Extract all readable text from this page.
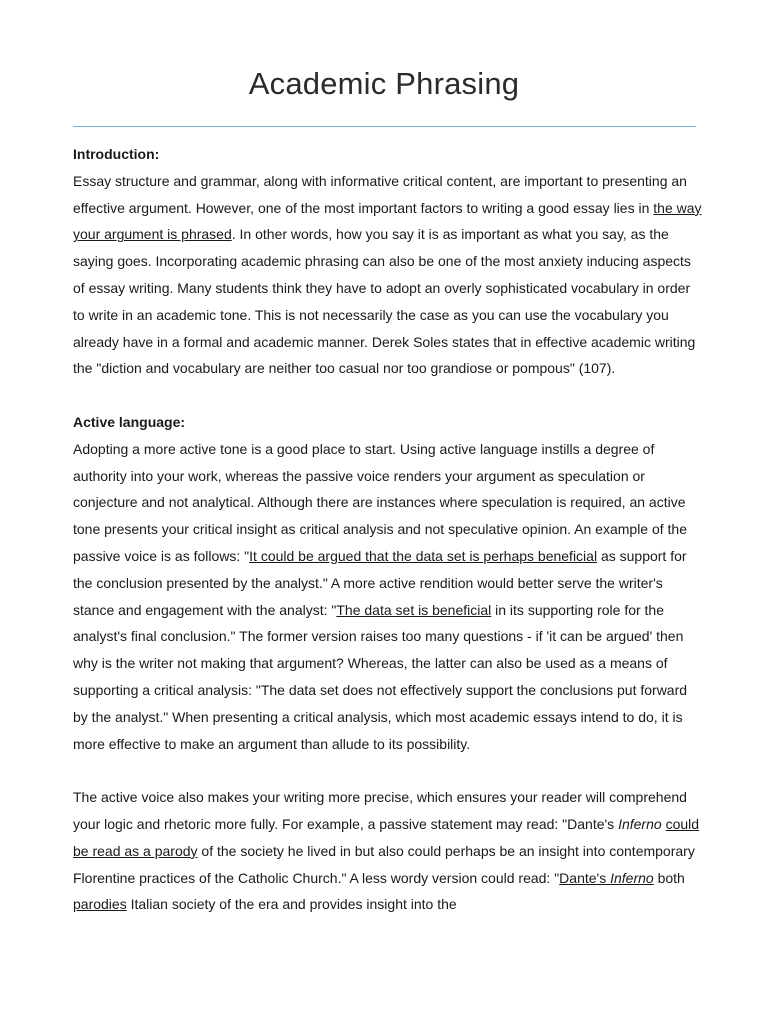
Academic Phrasing
Introduction:

Essay structure and grammar, along with informative critical content, are important to presenting an effective argument. However, one of the most important factors to writing a good essay lies in the way your argument is phrased. In other words, how you say it is as important as what you say, as the saying goes. Incorporating academic phrasing can also be one of the most anxiety inducing aspects of essay writing. Many students think they have to adopt an overly sophisticated vocabulary in order to write in an academic tone. This is not necessarily the case as you can use the vocabulary you already have in a formal and academic manner. Derek Soles states that in effective academic writing the "diction and vocabulary are neither too casual nor too grandiose or pompous" (107).

Active language:

Adopting a more active tone is a good place to start. Using active language instills a degree of authority into your work, whereas the passive voice renders your argument as speculation or conjecture and not analytical. Although there are instances where speculation is required, an active tone presents your critical insight as critical analysis and not speculative opinion. An example of the passive voice is as follows: "It could be argued that the data set is perhaps beneficial as support for the conclusion presented by the analyst." A more active rendition would better serve the writer's stance and engagement with the analyst: "The data set is beneficial in its supporting role for the analyst's final conclusion." The former version raises too many questions - if 'it can be argued' then why is the writer not making that argument? Whereas, the latter can also be used as a means of supporting a critical analysis: "The data set does not effectively support the conclusions put forward by the analyst." When presenting a critical analysis, which most academic essays intend to do, it is more effective to make an argument than allude to its possibility.

The active voice also makes your writing more precise, which ensures your reader will comprehend your logic and rhetoric more fully. For example, a passive statement may read: "Dante's Inferno could be read as a parody of the society he lived in but also could perhaps be an insight into contemporary Florentine practices of the Catholic Church." A less wordy version could read: "Dante's Inferno both parodies Italian society of the era and provides insight into the
